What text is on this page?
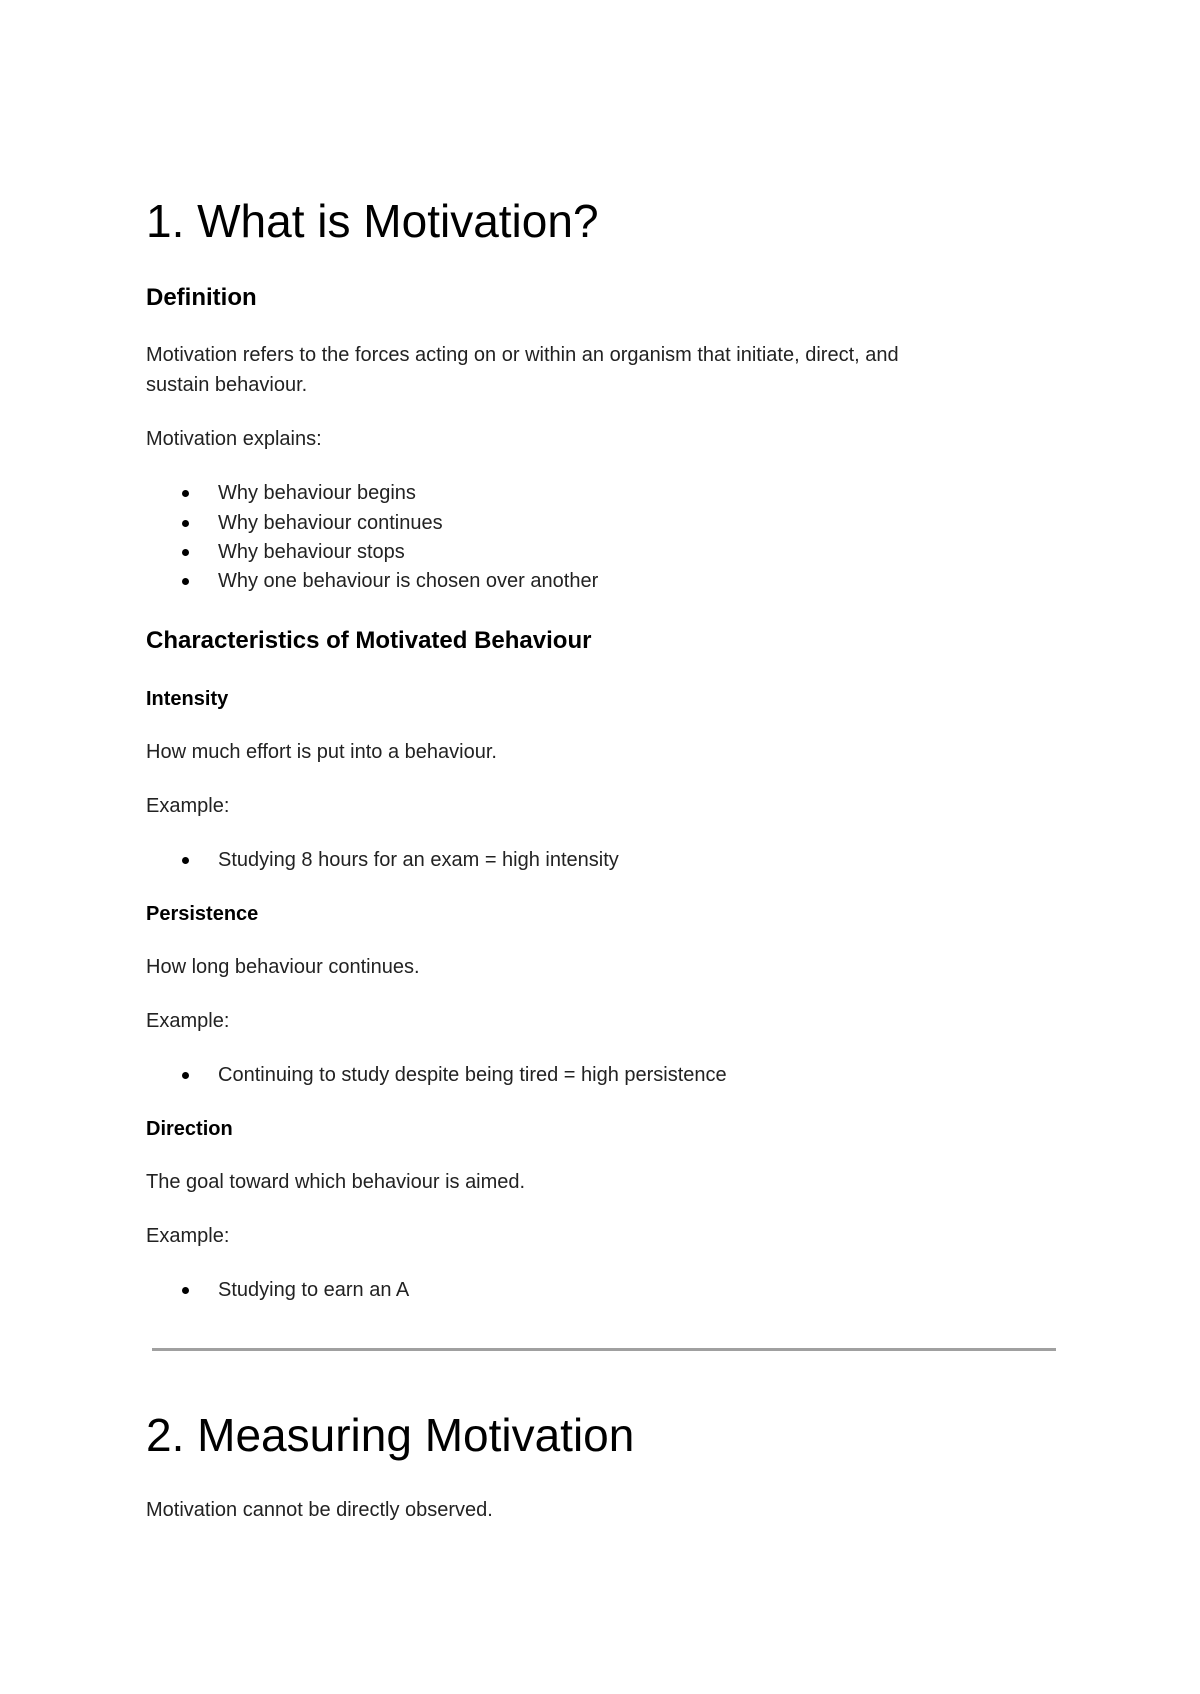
1. What is Motivation?
Definition

Motivation refers to the forces acting on or within an organism that initiate, direct, and

sustain behaviour.

Motivation explains:

Why behaviour begins
Why behaviour continues
Why behaviour stops
Why one behaviour is chosen over another
Characteristics of Motivated Behaviour
Intensity

How much effort is put into a behaviour.

Example:

Studying 8 hours for an exam = high intensity
Persistence

How long behaviour continues.

Example:

Continuing to study despite being tired = high persistence
Direction

The goal toward which behaviour is aimed.

Example:

Studying to earn an A
2. Measuring Motivation

Motivation cannot be directly observed.
